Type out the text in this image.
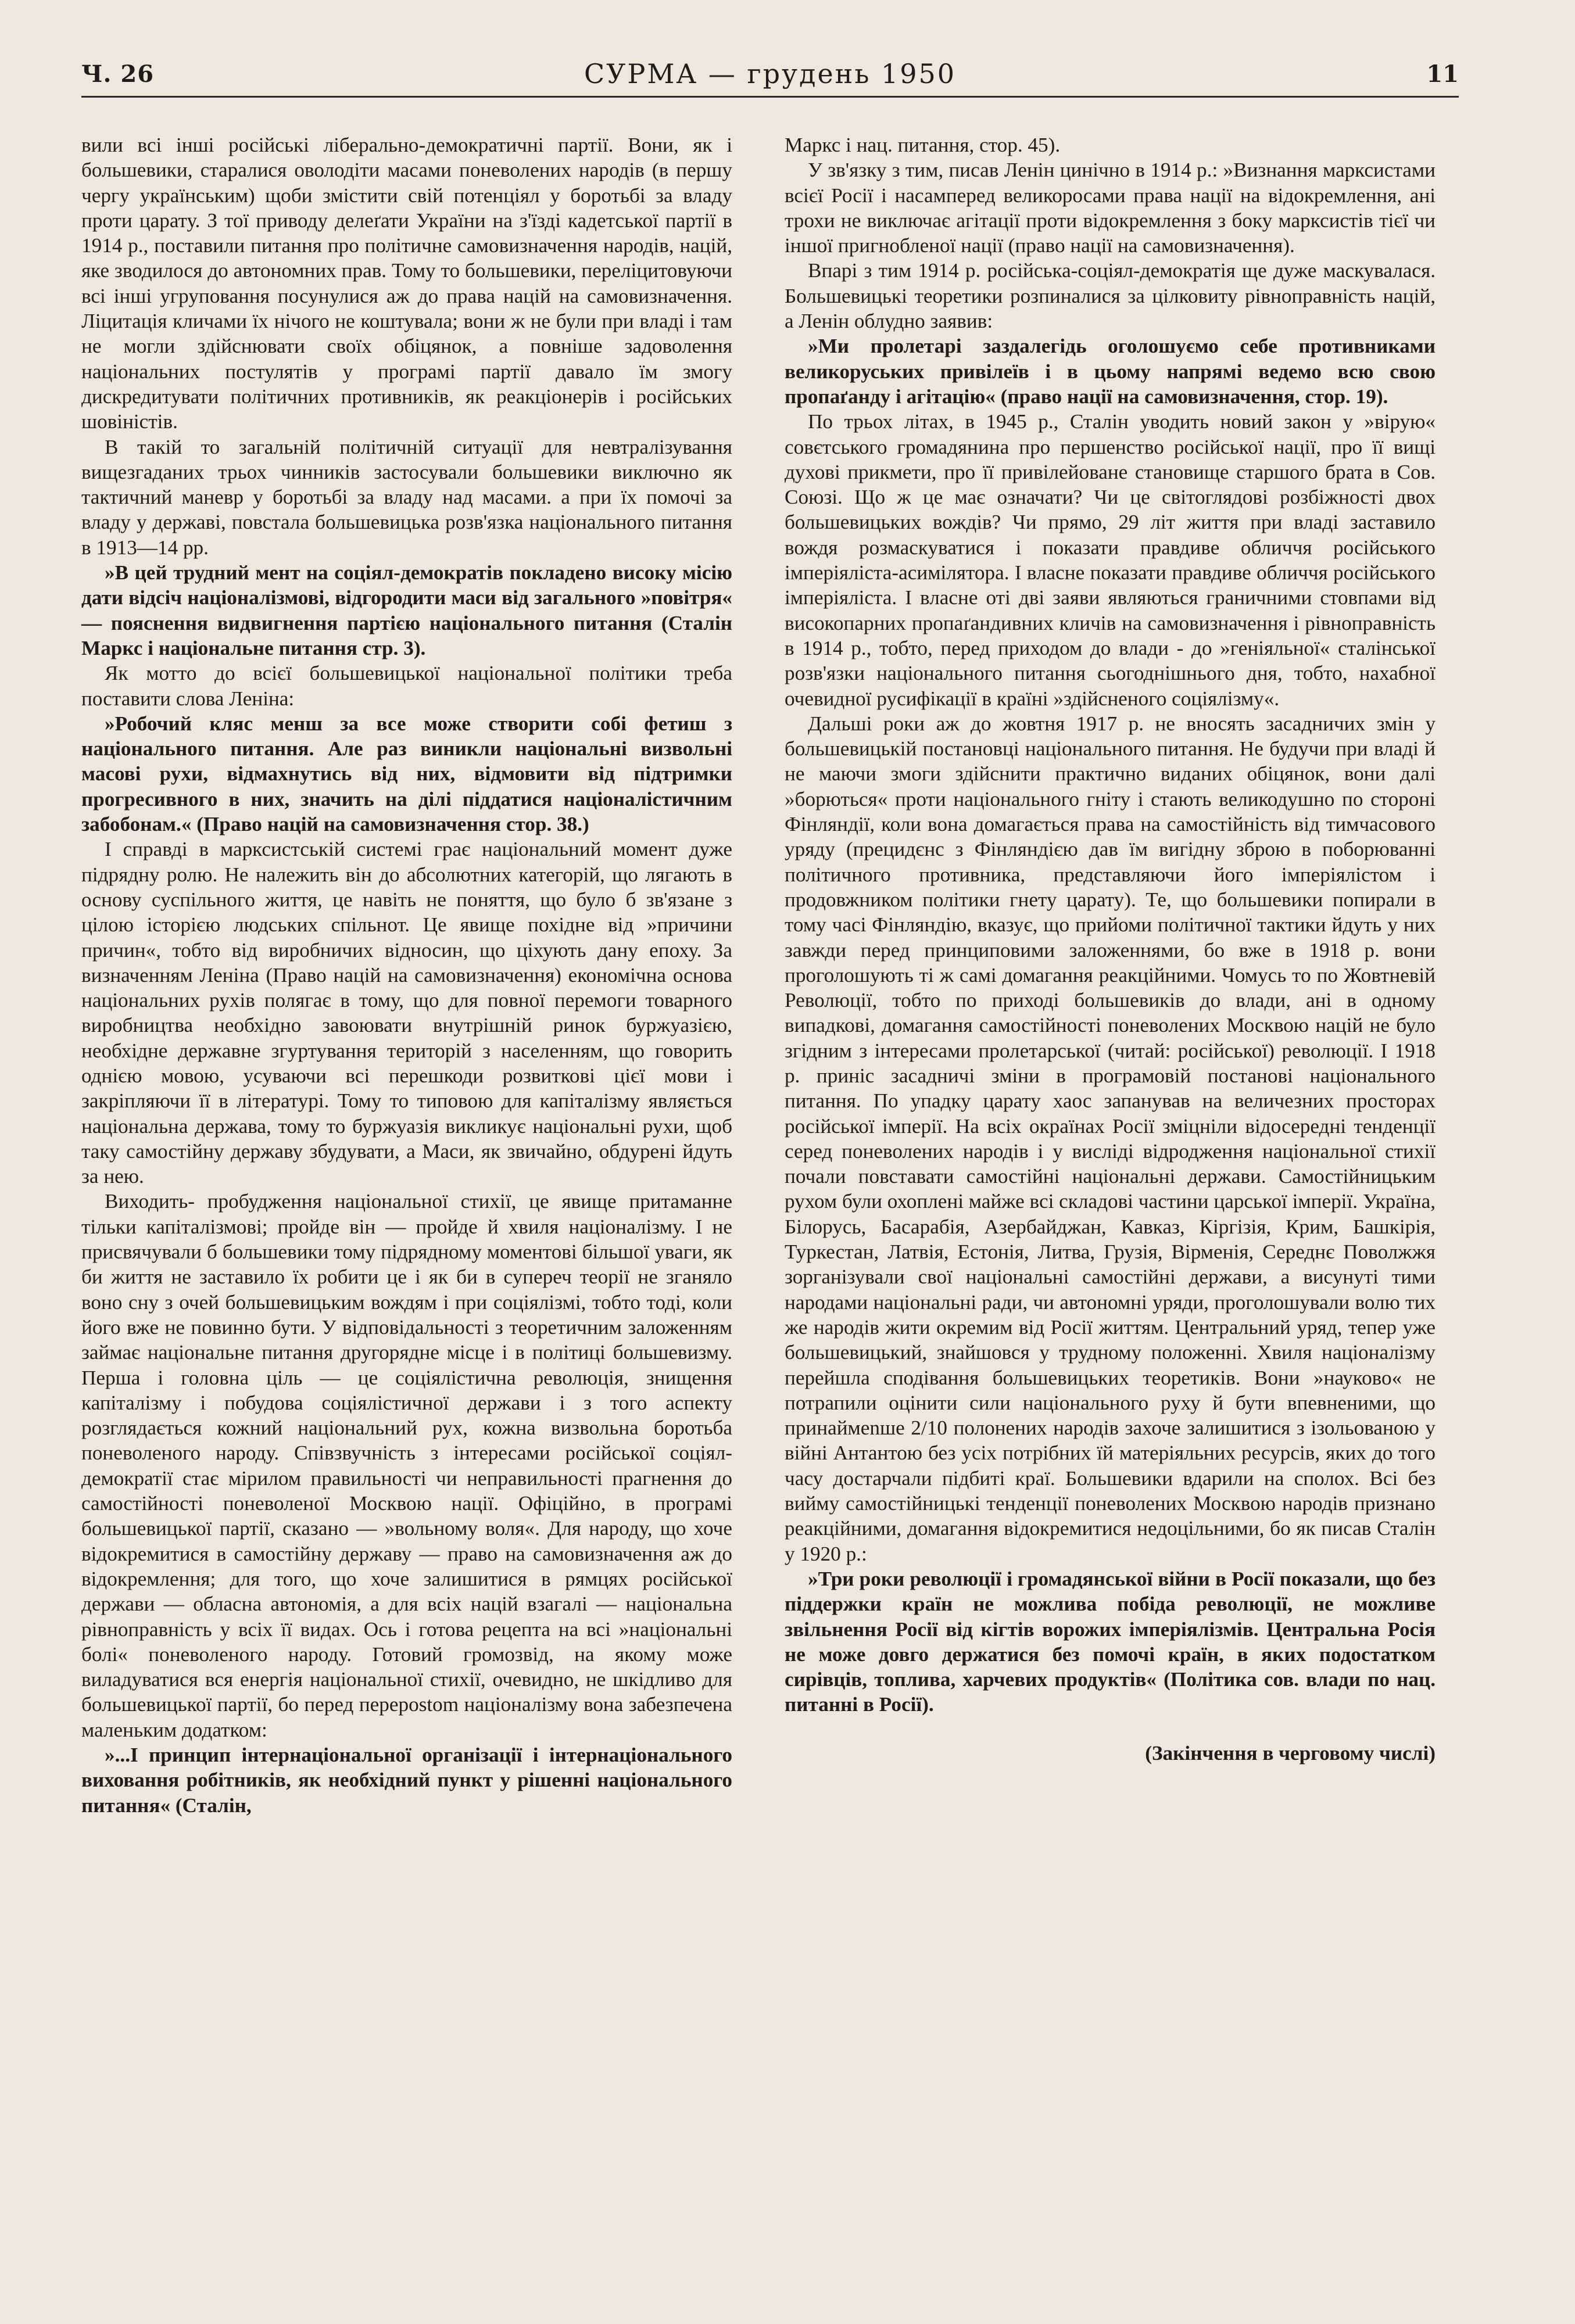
Ч. 26	СУРМА — грудень 1950	11

вили всі інші російські ліберально-демократичні партії. Вони, як і большевики, старалися оволодіти масами поневолених народів (в першу чергу українським) щоби змістити свій потенціял у боротьбі за владу проти царату. З тої приводу делеґати України на з'їзді кадетської партії в 1914 р., поставили питання про політичне самовизначення народів, націй, яке зводилося до автономних прав. Тому то большевики, переліцитовуючи всі інші угруповання посунулися аж до права націй на самовизначення. Ліцитація кличами їх нічого не коштувала; вони ж не були при владі і там не могли здійснювати своїх обіцянок, а повніше задоволення національних постулятів у програмі партії давало їм змогу дискредитувати політичних противників, як реакціонерів і російських шовіністів.

В такій то загальній політичній ситуації для невтралізування вищезгаданих трьох чинників застосували большевики виключно як тактичний маневр у боротьбі за владу над масами. а при їх помочі за владу у державі, повстала большевицька розв'язка національного питання в 1913—14 рр.

»В цей трудний мент на соціял-демократів покладено високу місію дати відсіч націоналізмові, відгородити маси від загального »повітря« — пояснення видвигнення партією національного питання (Сталін Маркс і національне питання стр. 3).

Як мотто до всієї большевицької національної політики треба поставити слова Леніна:

»Робочий кляс менш за все може створити собі фетиш з національного питання. Але раз виникли національні визвольні масові рухи, відмахнутись від них, відмовити від підтримки прогресивного в них, значить на ділі піддатися націоналістичним забобонам.« (Право націй на самовизначення стор. 38.)

І справді в марксистській системі грає національний момент дуже підрядну ролю. Не належить він до абсолютних категорій, що лягають в основу суспільного життя, це навіть не поняття, що було б зв'язане з цілою історією людських спільнот. Це явище похідне від »причини причин«, тобто від виробничих відносин, що ціхують дану епоху. За визначенням Леніна (Право націй на самовизначення) економічна основа національних рухів полягає в тому, що для повної перемоги товарного виробництва необхідно завоювати внутрішній ринок буржуазією, необхідне державне згуртування територій з населенням, що говорить однією мовою, усуваючи всі перешкоди розвиткові цієї мови і закріпляючи її в літературі. Тому то типовою для капіталізму являється національна держава, тому то буржуазія викликує національні рухи, щоб таку самостійну державу збудувати, а Маси, як звичайно, обдурені йдуть за нею.

Виходить- пробудження національної стихії, це явище притаманне тільки капіталізмові; пройде він — пройде й хвиля націоналізму. І не присвячували б большевики тому підрядному моментові більшої уваги, як би життя не заставило їх робити це і як би в супереч теорії не зганяло воно сну з очей большевицьким вождям і при соціялізмі, тобто тоді, коли його вже не повинно бути. У відповідальності з теоретичним заложенням займає національне питання другорядне місце і в політиці большевизму. Перша і головна ціль — це соціялістична революція, знищення капіталізму і побудова соціялістичної держави і з того аспекту розглядається кожний національний рух, кожна визвольна боротьба поневоленого народу. Співзвучність з інтересами російської соціял-демократії стає мірилом правильності чи неправильності прагнення до самостійності поневоленої Москвою нації. Офіційно, в програмі большевицької партії, сказано — »вольному воля«. Для народу, що хоче відокремитися в самостійну державу — право на самовизначення аж до відокремлення; для того, що хоче залишитися в рямцях російської держави — обласна автономія, а для всіх націй взагалі — національна рівноправність у всіх її видах. Ось і готова рецепта на всі »національні болі« поневоленого народу. Готовий громозвід, на якому може виладуватися вся енергія національної стихії, очевидно, не шкідливо для большевицької партії, бо перед перерostom націоналізму вона забезпечена маленьким додатком:

»...І принцип інтернаціональної організації і інтернаціонального виховання робітників, як необхідний пункт у рішенні національного питання« (Сталін,

Маркс і нац. питання, стор. 45).

У зв'язку з тим, писав Ленін цинічно в 1914 р.: »Визнання марксистами всієї Росії і насамперед великоросами права нації на відокремлення, ані трохи не виключає агітації проти відокремлення з боку марксистів тієї чи іншої пригнобленої нації (право нації на самовизначення).

Впарі з тим 1914 р. російська-соціял-демократія ще дуже маскувалася. Большевицькі теоретики розпиналися за цілковиту рівноправність націй, а Ленін облудно заявив:

»Ми пролетарі заздалегідь оголошуємо себе противниками великоруських привілеїв і в цьому напрямі ведемо всю свою пропаґанду і агітацію« (право нації на самовизначення, стор. 19).

По трьох літах, в 1945 р., Сталін уводить новий закон у »вірую« совєтського громадянина про першенство російської нації, про її вищі духові прикмети, про її привілейоване становище старшого брата в Сов. Союзі. Що ж це має означати? Чи це світоглядові розбіжності двох большевицьких вождів? Чи прямо, 29 літ життя при владі заставило вождя розмаскуватися і показати правдиве обличчя російського імперіяліста-асимілятора. І власне показати правдиве обличчя російського імперіяліста. І власне оті дві заяви являються граничними стовпами від високопарних пропаґандивних кличів на самовизначення і рівноправність в 1914 р., тобто, перед приходом до влади - до »геніяльної« сталінської розв'язки національного питання сьогоднішнього дня, тобто, нахабної очевидної русифікації в країні »здійсненого соціялізму«.

Дальші роки аж до жовтня 1917 р. не вносять засадничих змін у большевицькій постановці національного питання. Не будучи при владі й не маючи змоги здійснити практично виданих обіцянок, вони далі »борються« проти національного гніту і стають великодушно по стороні Фінляндії, коли вона домагається права на самостійність від тимчасового уряду (прецидєнс з Фінляндією дав їм вигідну зброю в поборюванні політичного противника, представляючи його імперіялістом і продовжником політики гнету царату). Те, що большевики попирали в тому часі Фінляндію, вказує, що прийоми політичної тактики йдуть у них завжди перед принциповими заложеннями, бо вже в 1918 р. вони проголошують ті ж самі домагання реакційними. Чомусь то по Жовтневій Революції, тобто по приході большевиків до влади, ані в одному випадкові, домагання самостійності поневолених Москвою націй не було згідним з інтересами пролетарської (читай: російської) революції. І 1918 р. приніс засадничі зміни в програмовій постанові національного питання. По упадку царату хаос запанував на величезних просторах російської імперії. На всіх окраїнах Росії зміцніли відосередні тенденції серед поневолених народів і у висліді відродження національної стихії почали повставати самостійні національні держави. Самостійницьким рухом були охоплені майже всі складові частини царської імперії. Україна, Білорусь, Басарабія, Азербайджан, Кавказ, Кіргізія, Крим, Башкірія, Туркестан, Латвія, Естонія, Литва, Грузія, Вірменія, Середнє Поволжжя зорганізували свої національні самостійні держави, а висунуті тими народами національні ради, чи автономні уряди, проголошували волю тих же народів жити окремим від Росії життям. Центральний уряд, тепер уже большевицький, знайшовся у трудному положенні. Хвиля націоналізму перейшла сподівання большевицьких теоретиків. Вони »науково« не потрапили оцінити сили національного руху й бути впевненими, що принаймenше 2/10 полонених народів захоче залишитися з ізольованою у війні Антантою без усіх потрібних їй матеріяльних ресурсів, яких до того часу достарчали підбиті краї. Большевики вдарили на сполох. Всі без вийму самостійницькі тенденції поневолених Москвою народів признано реакційними, домагання відокремитися недоцільними, бо як писав Сталін у 1920 р.:

»Три роки революції і громадянської війни в Росії показали, що без піддержки країн не можлива побіда революції, не можливе звільнення Росії від кігтів ворожих імперіялізмів. Центральна Росія не може довго держатися без помочі країн, в яких подостатком сирівців, топлива, харчевих продуктів« (Політика сов. влади по нац. питанні в Росії).

(Закінчення в черговому числі)
